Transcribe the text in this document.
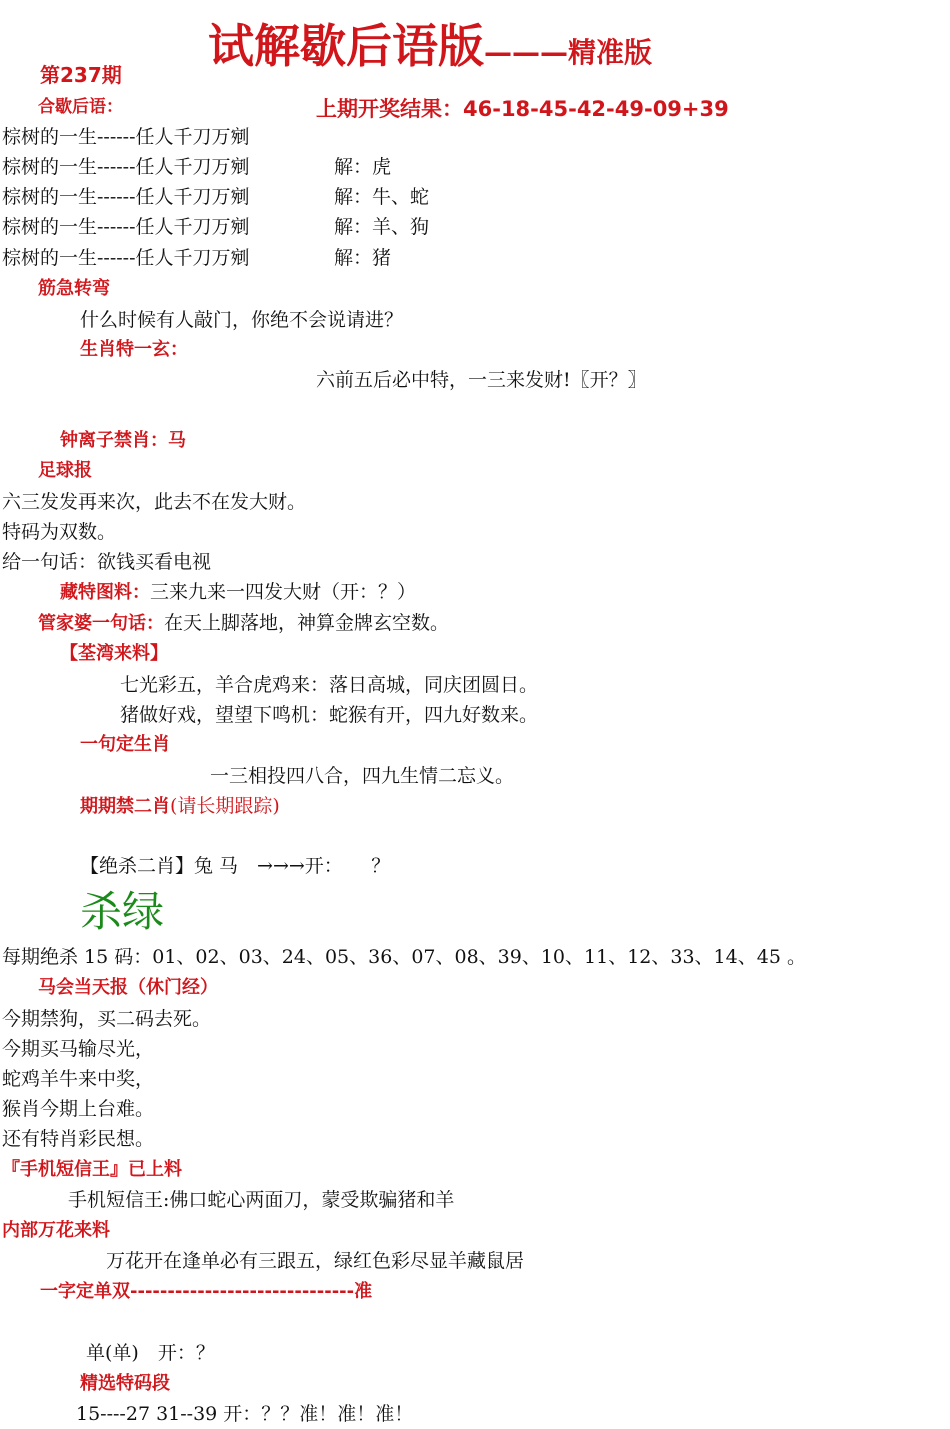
试解歇后语版———精准版
第237期
合歇后语：	上期开奖结果：46-18-45-42-49-09+39
棕树的一生------任人千刀万剜
棕树的一生------任人千刀万剜	解：虎
棕树的一生------任人千刀万剜	解：牛、蛇
棕树的一生------任人千刀万剜	解：羊、狗
棕树的一生------任人千刀万剜	解：猪
筋急转弯
什么时候有人敲门，你绝不会说请进？
生肖特一玄：
六前五后必中特，一三来发财!〖开？〗
钟离子禁肖：马
足球报
六三发发再来次，此去不在发大财。
特码为双数。
给一句话：欲钱买看电视
藏特图料：三来九来一四发大财（开：？）
管家婆一句话：在天上脚落地，神算金牌玄空数。
【荃湾来料】
七光彩五，羊合虎鸡来：落日高城，同庆团圆日。
猪做好戏，望望下鸣机：蛇猴有开，四九好数来。
一句定生肖
一三相投四八合，四九生情二忘义。
期期禁二肖(请长期跟踪)
【绝杀二肖】兔 马　→→→开：　　？
杀绿
每期绝杀 15 码：01、02、03、24、05、36、07、08、39、10、11、12、33、14、45 。
马会当天报（休门经）
今期禁狗，买二码去死。
今期买马输尽光，
蛇鸡羊牛来中奖，
猴肖今期上台难。
还有特肖彩民想。
『手机短信王』已上料
手机短信王:佛口蛇心两面刀，蒙受欺骗猪和羊
内部万花来料
万花开在逢单必有三跟五，绿红色彩尽显羊藏鼠居
一字定单双------------------------------准
单(单)　开：？
精选特码段
15----27 31--39 开：？？准！准！准！
